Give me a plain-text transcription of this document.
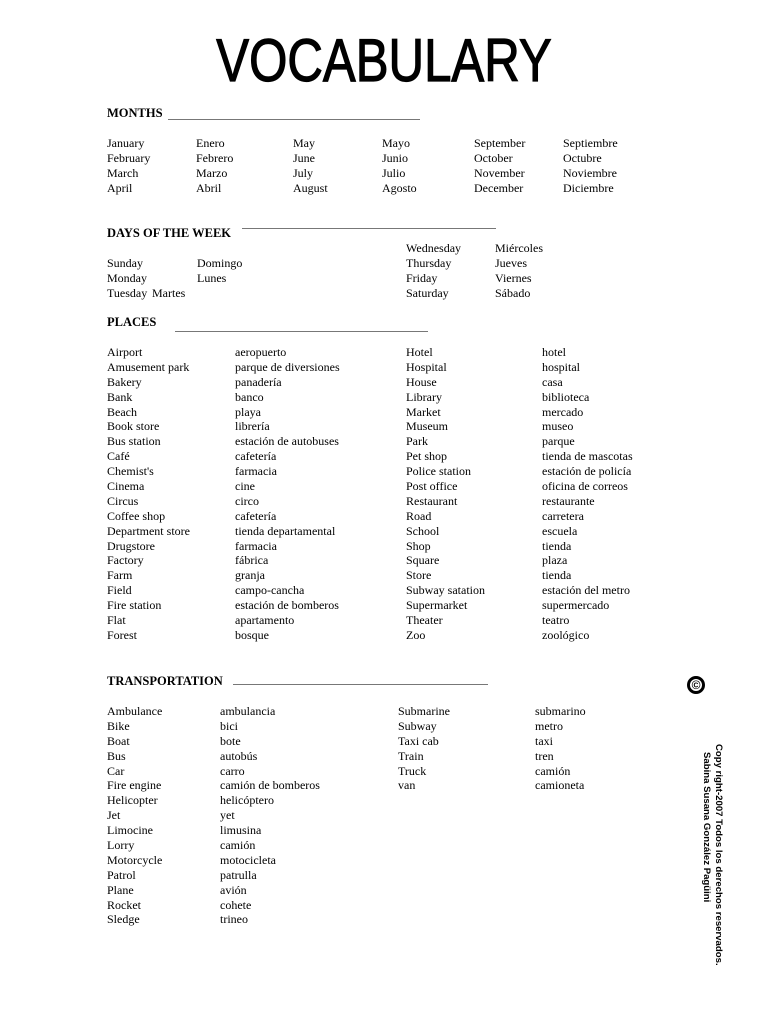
VOCABULARY
MONTHS
January
February
March
April
Enero
Febrero
Marzo
Abril
May
June
July
August
Mayo
Junio
Julio
Agosto
September
October
November
December
Septiembre
Octubre
Noviembre
Diciembre
DAYS OF THE WEEK
Sunday
Monday
Tuesday
Domingo
Lunes
Martes
Wednesday
Thursday
Friday
Saturday
Miércoles
Jueves
Viernes
Sábado
PLACES
Airport
Amusement park
Bakery
Bank
Beach
Book store
Bus station
Café
Chemist's
Cinema
Circus
Coffee shop
Department store
Drugstore
Factory
Farm
Field
Fire station
Flat
Forest
aeropuerto
parque de diversiones
panadería
banco
playa
librería
estación de autobuses
cafetería
farmacia
cine
circo
cafetería
tienda departamental
farmacia
fábrica
granja
campo-cancha
estación de bomberos
apartamento
bosque
Hotel
Hospital
House
Library
Market
Museum
Park
Pet shop
Police station
Post office
Restaurant
Road
School
Shop
Square
Store
Subway satation
Supermarket
Theater
Zoo
hotel
hospital
casa
biblioteca
mercado
museo
parque
tienda de mascotas
estación de policía
oficina de correos
restaurante
carretera
escuela
tienda
plaza
tienda
estación del metro
supermercado
teatro
zoológico
TRANSPORTATION
Ambulance
Bike
Boat
Bus
Car
Fire engine
Helicopter
Jet
Limocine
Lorry
Motorcycle
Patrol
Plane
Rocket
Sledge
ambulancia
bici
bote
autobús
carro
camión de bomberos
helicóptero
yet
limusina
camión
motocicleta
patrulla
avión
cohete
trineo
Submarine
Subway
Taxi cab
Train
Truck
van
submarino
metro
taxi
tren
camión
camioneta
©
Copy right-2007 Todos los derechos reservados.
Sabina Susana González Pagüini
